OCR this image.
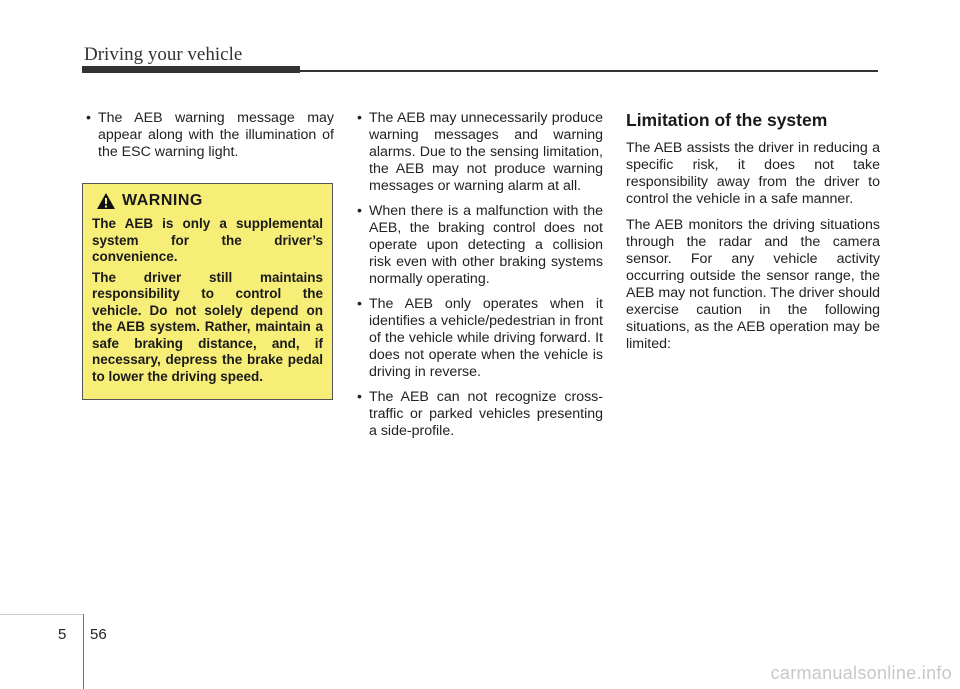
Driving your vehicle
• The AEB warning message may appear along with the illumination of the ESC warning light.
WARNING

The AEB is only a supplemental system for the driver’s convenience.

The driver still maintains responsibility to control the vehicle. Do not solely depend on the AEB system. Rather, maintain a safe braking distance, and, if necessary, depress the brake pedal to lower the driving speed.

• The AEB may unnecessarily produce warning messages and warning alarms. Due to the sensing limitation, the AEB may not produce warning messages or warning alarm at all.
• When there is a malfunction with the AEB, the braking control does not operate upon detecting a collision risk even with other braking systems normally operating.
• The AEB only operates when it identifies a vehicle/pedestrian in front of the vehicle while driving forward. It does not operate when the vehicle is driving in reverse.
• The AEB can not recognize cross-traffic or parked vehicles presenting a side-profile.
Limitation of the system

The AEB assists the driver in reducing a specific risk, it does not take responsibility away from the driver to control the vehicle in a safe manner.

The AEB monitors the driving situations through the radar and the camera sensor. For any vehicle activity occurring outside the sensor range, the AEB may not function. The driver should exercise caution in the following situations, as the AEB operation may be limited:

5 56
carmanualsonline.info
